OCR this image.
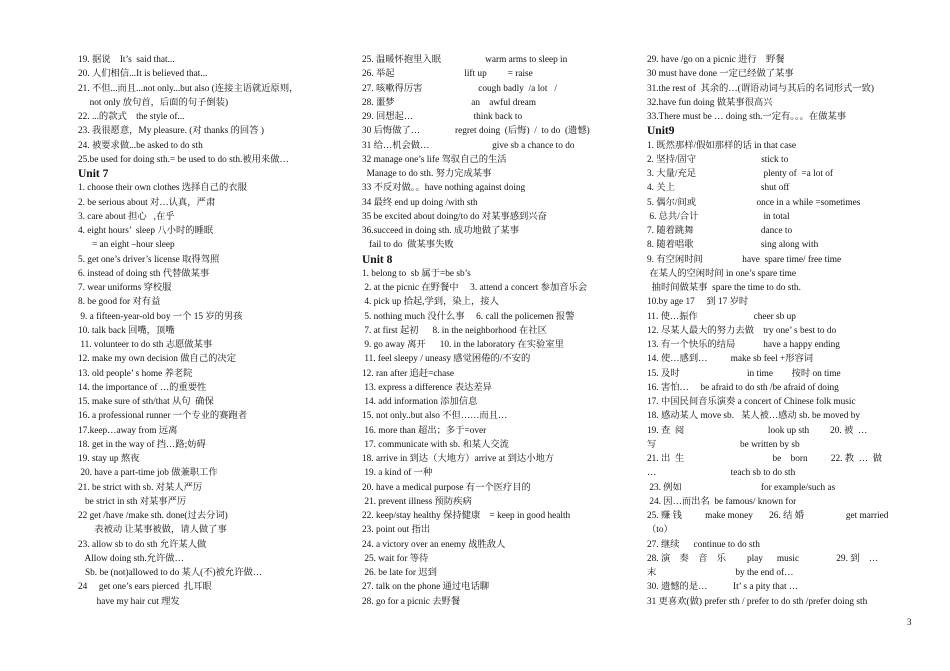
19. 据说    It’s  said that...
20. 人们相信...It is believed that...
21. 不但...而且...not only...but also (连接主语就近原则，
not only 放句首，后面的句子倒装)
22. ...的款式    the style of...
23. 我很愿意，My pleasure. (对 thanks 的回答 )
24. 被要求做...be asked to do sth
25.be used for doing sth.= be used to do sth.被用来做…
Unit 7
1. choose their own clothes 选择自己的衣服
2. be serious about 对…认真，严肃
3. care about 担心   ,在乎
4. eight hours’  sleep 八小时的睡眠
= an eight –hour sleep
5. get one’s driver’s license 取得驾照
6. instead of doing sth 代替做某事
7. wear uniforms 穿校服
8. be good for 对有益
9. a fifteen-year-old boy 一个 15 岁的男孩
10. talk back 回嘴，顶嘴
11. volunteer to do sth 志愿做某事
12. make my own decision 做自己的决定
13. old people’ s home 养老院
14. the importance of …的重要性
15. make sure of sth/that 从句  确保
16. a professional runner 一个专业的赛跑者
17.keep…away from 远离
18. get in the way of 挡…路;妨碍
19. stay up 熬夜
20. have a part-time job 做兼职工作
21. be strict with sb. 对某人严厉
be strict in sth 对某事严厉
22 get /have /make sth. done(过去分词)
表被动 让某事被做，请人做了事
23. allow sb to do sth 允许某人做
Allow doing sth.允许做…
Sb. be (not)allowed to do 某人(不)被允许做…
24     get one’s ears pierced  扎耳眼
have my hair cut 理发
25. 温暖怀抱里入眠                   warm arms to sleep in
26. 举起                              lift up         = raise
27. 咳嗽得厉害                        cough badly  /a lot   /
28. 噩梦                                 an    awful dream
29. 回想起…                          think back to
30 后悔做了…               regret doing  (后悔)  /  to do  (遗憾)
31 给…机会做…                           give sb a chance to do
32 manage one’s life 驾驭自己的生活
Manage to do sth. 努力完成某事
33 不反对做。。have nothing against doing
34 最终 end up doing /with sth
35 be excited about doing/to do 对某事感到兴奋
36.succeed in doing sth. 成功地做了某事
fail to do  做某事失败
Unit 8
1. belong to  sb 属于=be sb’s
2. at the picnic 在野餐中     3. attend a concert 参加音乐会
4. pick up 拾起,学到，染上，接人
5. nothing much 没什么事     6. call the policemen 报警
7. at first 起初      8. in the neighborhood 在社区
9. go away 离开      10. in the laboratory 在实验室里
11. feel sleepy / uneasy 感觉困倦的/不安的
12. ran after 追赶=chase
13. express a difference 表达差异
14. add information 添加信息
15. not only..but also 不但……而且…
16. more than 超出；多于=over
17. communicate with sb. 和某人交流
18. arrive in 到达（大地方）arrive at 到达小地方
19. a kind of 一种
20. have a medical purpose 有一个医疗目的
21. prevent illness 预防疾病
22. keep/stay healthy 保持健康    = keep in good health
23. point out 指出
24. a victory over an enemy 战胜敌人
25. wait for 等待
26. be late for 迟到
27. talk on the phone 通过电话聊
28. go for a picnic 去野餐
29. have /go on a picnic 进行    野餐
30 must have done 一定已经做了某事
31.the rest of  其余的…(谓语动词与其后的名词形式一致)
32.have fun doing 做某事很高兴
33.There must be … doing sth.一定有。。。在做某事
Unit9
1. 既然那样/假如那样的话 in that case
2. 坚持/固守                            stick to
3. 大量/充足                             plenty of  =a lot of
4. 关上                                     shut off
5. 偶尔/间或                          once in a while =sometimes
6. 总共/合计                            in total
7. 随着跳舞                             dance to
8. 随着唱歌                             sing along with
9. 有空闲时间                 have  spare time/ free time
在某人的空闲时间 in one’s spare time
抽时间做某事  spare the time to do sth.
10.by age 17     到 17 岁时
11. 使…振作                        cheer sb up
12. 尽某人最大的努力去做    try one’ s best to do
13. 有一个快乐的结局            have a happy ending
14. 使…感到…          make sb feel +形容词
15. 及时                             in time        按时 on time
16. 害怕…     be afraid to do sth /be afraid of doing
17. 中国民间音乐演奏 a concert of Chinese folk music
18. 感动某人 move sb.   某人被…感动 sb. be moved by
19. 查  阅                                    look up sth         20. 被  …
写                                    be written by sb
21. 出  生                                      be    born          22. 教  …  做
…                                teach sb to do sth
23. 例如                                  for example/such as
24. 因…而出名  be famous/ known for
25. 赚 钱          make money       26. 结 婚                  get married
（to）
27. 继续      continue to do sth
28. 演    奏    音    乐         play      music                29. 到    …
末                                  by the end of…
30. 遗憾的是…           It’ s a pity that …
31 更喜欢(做) prefer sth / prefer to do sth /prefer doing sth
3
